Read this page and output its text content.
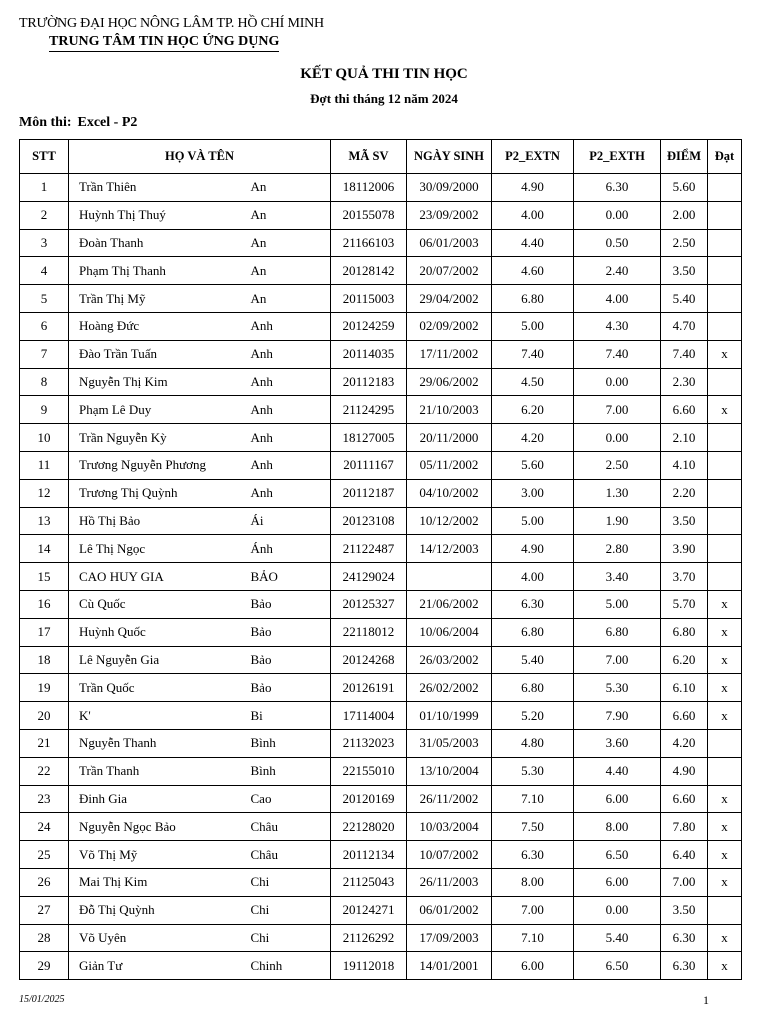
TRƯỜNG ĐẠI HỌC NÔNG LÂM TP. HỒ CHÍ MINH
TRUNG TÂM TIN HỌC ỨNG DỤNG
KẾT QUẢ THI TIN HỌC
Đợt thi tháng 12 năm 2024
Môn thi: Excel - P2
STT	HỌ VÀ TÊN		MÃ SV	NGÀY SINH	P2_EXTN	P2_EXTH	ĐIỂM	Đạt
1	Trần Thiên	An	18112006	30/09/2000	4.90	6.30	5.60	
2	Huỳnh Thị Thuý	An	20155078	23/09/2002	4.00	0.00	2.00	
3	Đoàn Thanh	An	21166103	06/01/2003	4.40	0.50	2.50	
4	Phạm Thị Thanh	An	20128142	20/07/2002	4.60	2.40	3.50	
5	Trần Thị Mỹ	An	20115003	29/04/2002	6.80	4.00	5.40	
6	Hoàng Đức	Anh	20124259	02/09/2002	5.00	4.30	4.70	
7	Đào Trần Tuấn	Anh	20114035	17/11/2002	7.40	7.40	7.40	x
8	Nguyễn Thị Kim	Anh	20112183	29/06/2002	4.50	0.00	2.30	
9	Phạm Lê Duy	Anh	21124295	21/10/2003	6.20	7.00	6.60	x
10	Trần Nguyễn Kỳ	Anh	18127005	20/11/2000	4.20	0.00	2.10	
11	Trương Nguyễn Phương	Anh	20111167	05/11/2002	5.60	2.50	4.10	
12	Trương Thị Quỳnh	Anh	20112187	04/10/2002	3.00	1.30	2.20	
13	Hồ Thị Bảo	Ái	20123108	10/12/2002	5.00	1.90	3.50	
14	Lê Thị Ngọc	Ánh	21122487	14/12/2003	4.90	2.80	3.90	
15	CAO HUY GIA	BẢO	24129024		4.00	3.40	3.70	
16	Cù Quốc	Bảo	20125327	21/06/2002	6.30	5.00	5.70	x
17	Huỳnh Quốc	Bảo	22118012	10/06/2004	6.80	6.80	6.80	x
18	Lê Nguyễn Gia	Bảo	20124268	26/03/2002	5.40	7.00	6.20	x
19	Trần Quốc	Bảo	20126191	26/02/2002	6.80	5.30	6.10	x
20	K'	Bi	17114004	01/10/1999	5.20	7.90	6.60	x
21	Nguyễn Thanh	Bình	21132023	31/05/2003	4.80	3.60	4.20	
22	Trần Thanh	Bình	22155010	13/10/2004	5.30	4.40	4.90	
23	Đinh Gia	Cao	20120169	26/11/2002	7.10	6.00	6.60	x
24	Nguyễn Ngọc Bảo	Châu	22128020	10/03/2004	7.50	8.00	7.80	x
25	Võ Thị Mỹ	Châu	20112134	10/07/2002	6.30	6.50	6.40	x
26	Mai Thị Kim	Chi	21125043	26/11/2003	8.00	6.00	7.00	x
27	Đỗ Thị Quỳnh	Chi	20124271	06/01/2002	7.00	0.00	3.50	
28	Võ Uyên	Chi	21126292	17/09/2003	7.10	5.40	6.30	x
29	Giản Tư	Chinh	19112018	14/01/2001	6.00	6.50	6.30	x
15/01/2025	1
